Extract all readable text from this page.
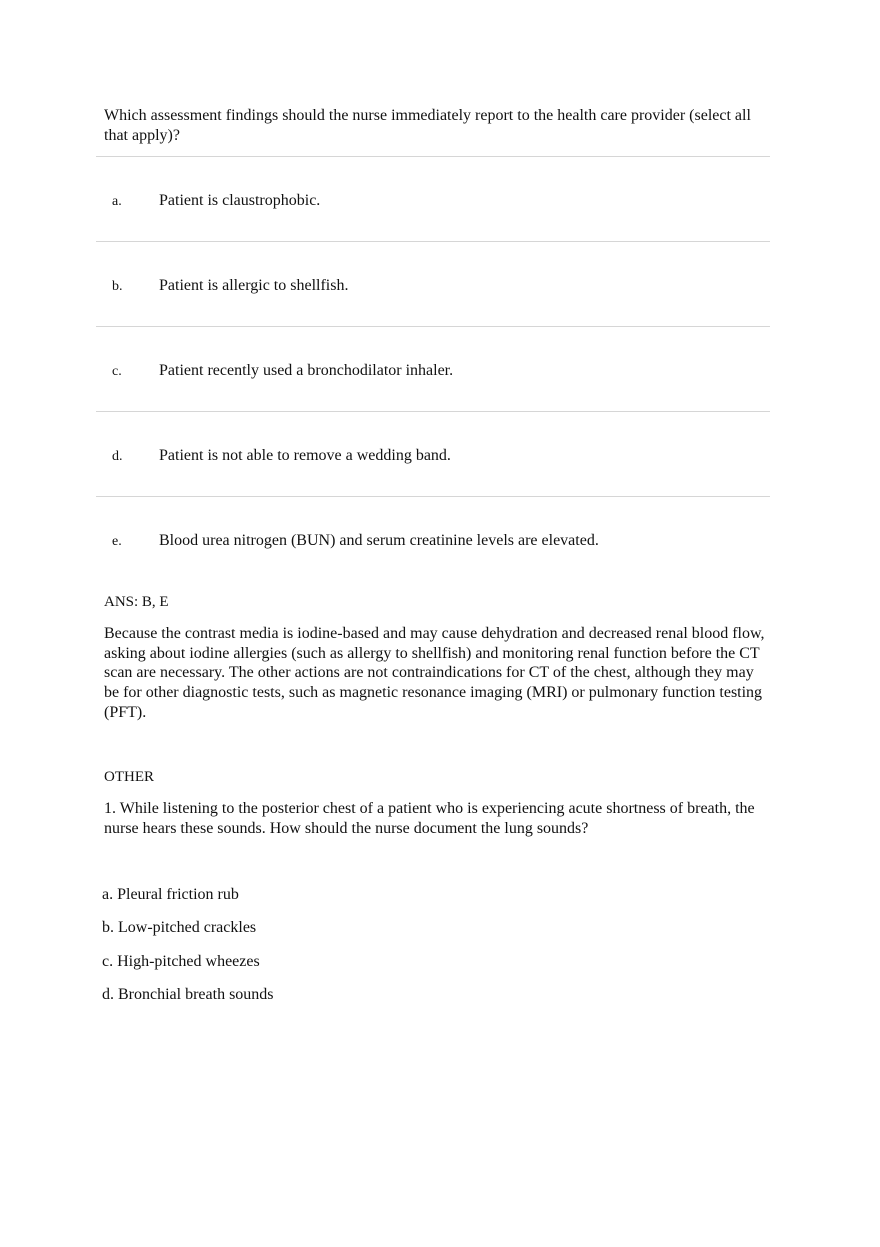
Which assessment findings should the nurse immediately report to the health care provider (select all that apply)?

a. Patient is claustrophobic.
b. Patient is allergic to shellfish.
c. Patient recently used a bronchodilator inhaler.
d. Patient is not able to remove a wedding band.
e. Blood urea nitrogen (BUN) and serum creatinine levels are elevated.

ANS: B, E

Because the contrast media is iodine-based and may cause dehydration and decreased renal blood flow, asking about iodine allergies (such as allergy to shellfish) and monitoring renal function before the CT scan are necessary. The other actions are not contraindications for CT of the chest, although they may be for other diagnostic tests, such as magnetic resonance imaging (MRI) or pulmonary function testing (PFT).

OTHER

1. While listening to the posterior chest of a patient who is experiencing acute shortness of breath, the nurse hears these sounds. How should the nurse document the lung sounds?

a. Pleural friction rub
b. Low-pitched crackles
c. High-pitched wheezes
d. Bronchial breath sounds
